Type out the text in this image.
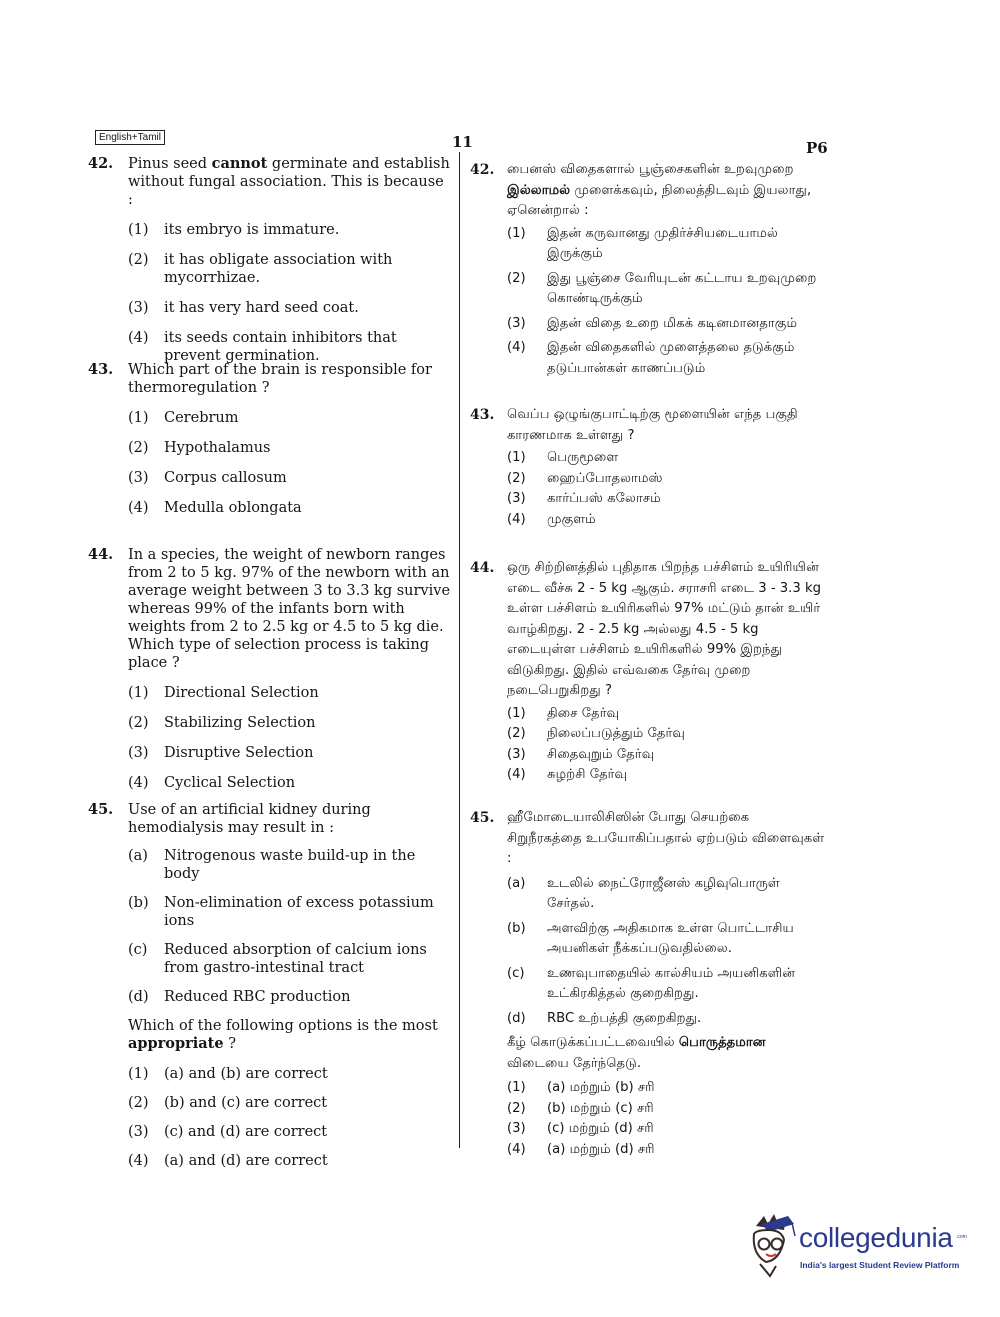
English+Tamil	11	P6
42. Pinus seed cannot germinate and establish without fungal association. This is because :
(1) its embryo is immature.
(2) it has obligate association with mycorrhizae.
(3) it has very hard seed coat.
(4) its seeds contain inhibitors that prevent germination.
43. Which part of the brain is responsible for thermoregulation ?
(1) Cerebrum
(2) Hypothalamus
(3) Corpus callosum
(4) Medulla oblongata
44. In a species, the weight of newborn ranges from 2 to 5 kg. 97% of the newborn with an average weight between 3 to 3.3 kg survive whereas 99% of the infants born with weights from 2 to 2.5 kg or 4.5 to 5 kg die. Which type of selection process is taking place ?
(1) Directional Selection
(2) Stabilizing Selection
(3) Disruptive Selection
(4) Cyclical Selection
45. Use of an artificial kidney during hemodialysis may result in :
(a) Nitrogenous waste build-up in the body
(b) Non-elimination of excess potassium ions
(c) Reduced absorption of calcium ions from gastro-intestinal tract
(d) Reduced RBC production
Which of the following options is the most appropriate ?
(1) (a) and (b) are correct
(2) (b) and (c) are correct
(3) (c) and (d) are correct
(4) (a) and (d) are correct
42. பைனஸ் விதைகளால் பூஞ்சைகளின் உறவுமுறை இல்லாமல் முளைக்கவும், நிலைத்திடவும் இயலாது, ஏனென்றால் :
(1) இதன் கருவானது முதிர்ச்சியடையாமல் இருக்கும்
(2) இது பூஞ்சை வேரியுடன் கட்டாய உறவுமுறை கொண்டிருக்கும்
(3) இதன் விதை உறை மிகக் கடினமானதாகும்
(4) இதன் விதைகளில் முளைத்தலை தடுக்கும் தடுப்பான்கள் காணப்படும்
43. வெப்ப ஒழுங்குபாட்டிற்கு மூளையின் எந்த பகுதி காரணமாக உள்ளது ?
(1) பெருமூளை
(2) ஹைப்போதலாமஸ்
(3) கார்ப்பஸ் கலோசம்
(4) முகுளம்
44. ஒரு சிற்றினத்தில் புதிதாக பிறந்த பச்சிளம் உயிரியின் எடை வீச்சு 2 - 5 kg ஆகும். சராசரி எடை 3 - 3.3 kg உள்ள பச்சிளம் உயிரிகளில் 97% மட்டும் தான் உயிர் வாழ்கிறது. 2 - 2.5 kg அல்லது 4.5 - 5 kg எடையுள்ள பச்சிளம் உயிரிகளில் 99% இறந்து விடுகிறது. இதில் எவ்வகை தேர்வு முறை நடைபெறுகிறது ?
(1) திசை தேர்வு
(2) நிலைப்படுத்தும் தேர்வு
(3) சிதைவுறும் தேர்வு
(4) சுழற்சி தேர்வு
45. ஹீமோடையாலிசிஸின் போது செயற்கை சிறுநீரகத்தை உபயோகிப்பதால் ஏற்படும் விளைவுகள் :
(a) உடலில் நைட்ரோஜீனஸ் கழிவுபொருள் சேர்தல்.
(b) அளவிற்கு அதிகமாக உள்ள பொட்டாசிய அயனிகள் நீக்கப்படுவதில்லை.
(c) உணவுபாதையில் கால்சியம் அயனிகளின் உட்கிரகித்தல் குறைகிறது.
(d) RBC உற்பத்தி குறைகிறது.
கீழ் கொடுக்கப்பட்டவையில் பொருத்தமான விடையை தேர்ந்தெடு.
(1) (a) மற்றும் (b) சரி
(2) (b) மற்றும் (c) சரி
(3) (c) மற்றும் (d) சரி
(4) (a) மற்றும் (d) சரி
collegedunia .com
India's largest Student Review Platform
